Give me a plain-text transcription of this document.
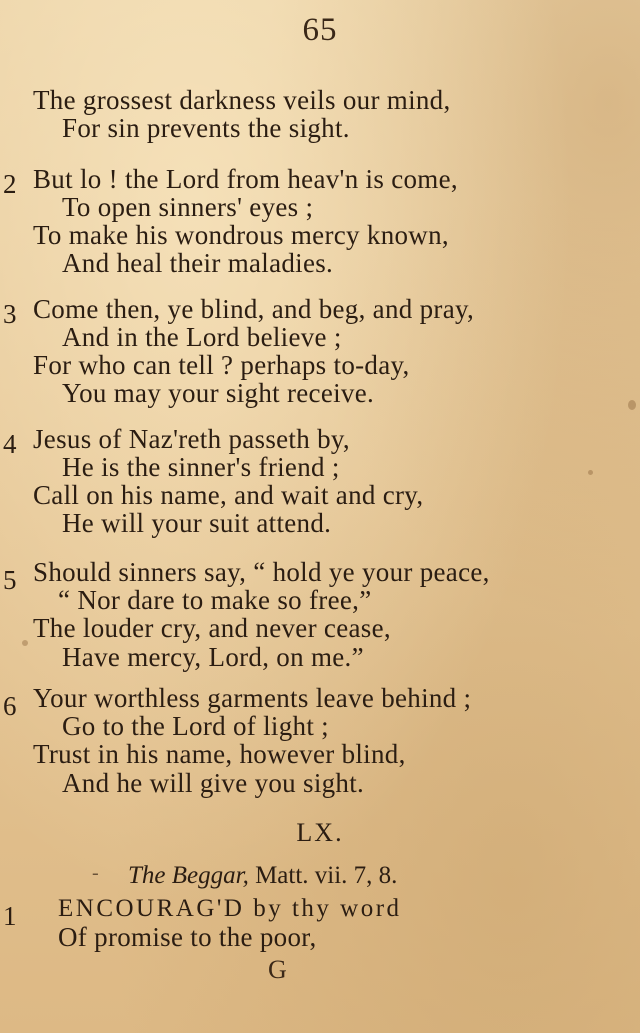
65
The grossest darkness veils our mind,
For sin prevents the sight.
2 But lo ! the Lord from heav'n is come,
To open sinners' eyes ;
To make his wondrous mercy known,
And heal their maladies.
3 Come then, ye blind, and beg, and pray,
And in the Lord believe ;
For who can tell ? perhaps to-day,
You may your sight receive.
4 Jesus of Naz'reth passeth by,
He is the sinner's friend ;
Call on his name, and wait and cry,
He will your suit attend.
5 Should sinners say, “ hold ye your peace,
“ Nor dare to make so free,”
The louder cry, and never cease,
Have mercy, Lord, on me.”
6 Your worthless garments leave behind ;
Go to the Lord of light ;
Trust in his name, however blind,
And he will give you sight.
LX.
- The Beggar, Matt. vii. 7, 8.
1 ENCOURAG'D by thy word
Of promise to the poor,
G
